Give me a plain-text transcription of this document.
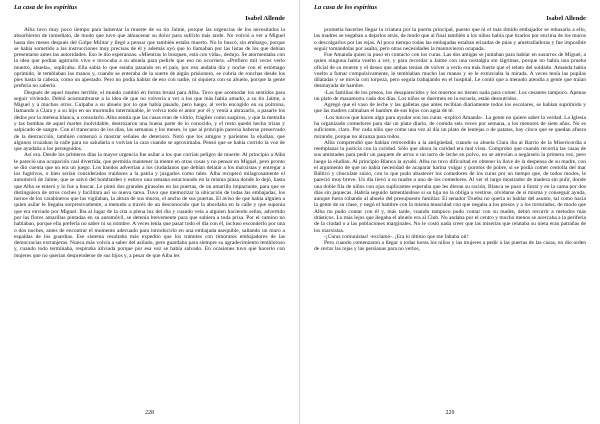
La casa de los espíritus
Isabel Allende

Alba tuvo muy poco tiempo para lamentar la muerte de su tío Jaime, porque las urgencias de los necesitados la absorbieron de inmediato, de modo que tuvo que almacenar su dolor para sufrirlo más tarde. No volvió a ver a Miguel hasta dos meses después del Golpe Militar y llegó a pensar que también estaba muerto. No lo buscó, sin embargo, porque se había sometido a las instrucciones muy precisas de él y además oyó que lo llamaban por las listas de los que debían presentarse antes las autoridades. Eso le dio esperanzas. «Mientras lo busquen, está con vida», dedujo. Se atormentaba con la idea que podían agarrarlo vivo e invocaba a su abuela para pedirle que eso no ocurriera. «Prefiero mil veces verlo muerto, abuela», suplicaba. Ella sabía lo que estaba pasando en el país, por eso andaba día y noche con el estómago oprimido, le temblaban las manos y, cuando se enteraba de la suerte de algún prisionero, se cubría de ronchas desde los pies hasta la cabeza, como un apestado. Pero no podía hablar de eso con nadie, ni siquiera con su abuelo, porque la gente prefería no saberlo.

Después de aquel martes terrible, el mundo cambió en forma brutal para Alba. Tuvo que acomodar los sentidos para seguir viviendo. Debió acostumbrarse a la idea de que no volvería a ver a los que más había amado, a su tío Jaime, a Miguel y a muchos otros. Culpaba a su abuelo por lo que había pasado, pero luego, al verlo encogido en su poltrona, llamando a Clara y a su hijo en un murmullo interminable, le volvía todo el amor por él y venía a abrazarlo, a pasarle los dedos por la melena blanca, a consolarlo. Alba sentía que las casas eran de vidrio, frágiles como suspiros, y que la metralla y las bombas de aquel martes inolvidable, destrozaron una buena parte de lo conocido, y el resto quedó hecho trizas y salpicado de sangre. Con el transcurso de los días, las semanas y los meses, lo que al principio parecía haberse preservado de la destrucción, también comenzó a mostrar señales de deterioro. Notó que los amigos y parientes la eludían, que algunos cruzaban la calle para no saludarla o volvían la cara cuando se aproximaba. Pensó que se había corrido la voz de que ayudaba a los perseguidos.

Así era. Desde los primeros días la mayor urgencia fue asilar a los que corrían peligro de muerte. Al principio a Alba le pareció una ocupación casi divertida, que permitía mantener la mente en otras cosas y no pensar en Miguel, pero pronto se dio cuenta que no era un juego. Los bandos advertían a los ciudadanos que debían delatar a los marxistas y entregar a los fugitivos, o bien serían considerados traidores a la patria y juzgados como tales. Alba recuperó milagrosamente el automóvil de Jaime, que se salvó del bombardeo y estuvo una semana estacionado en la misma plaza donde lo dejó, hasta que Alba se enteró y lo fue a buscar. Le pintó dos grandes girasoles en las puertas, de un amarillo impactante, para que se distinguiera de otros coches y facilitara así su nueva tarea. Tuvo que memorizar la ubicación de todas las embajadas, los turnos de los carabineros que las vigilaban, la altura de sus muros, el ancho de sus puertas. El aviso de que había alguien a quien asilar le llegaba sorpresivamente, a menudo a través de un desconocido que la abordaba en la calle y que suponía que era enviado por Miguel. Iba al lugar de la cita a plena luz del día y cuando veía a alguien haciendo señas, advertido por las flores amarillas pintadas en su automóvil, se detenía brevemente para que subiera a toda prisa. Por el camino no hablaban, porque ella prefería no saber ni su nombre. A veces tenía que pasar todo el día con él, incluso esconderlo por una o dos noches, antes de encontrar el momento adecuado para introducirlo en una embajada asequible, saltando un muro a espaldas de los guardias. Ese sistema resultaba más expedito que los trámites con timoratos embajadores de las democracias extranjeras. Nunca más volvía a saber del asilado, pero guardaba para siempre su agradecimiento tembloroso y, cuando todo terminaba, respiraba aliviada porque por esa vez se había salvado. En ocasiones tuvo que hacerlo con mujeres que no querían desprenderse de sus hijos y, a pesar de que Alba les

228
La casa de los espíritus
Isabel Allende

prometía hacerles llegar la criatura por la puerta principal, puesto que ni el más tímido embajador se rehusaría a ello, las madres se negaban a dejarlos atrás, de modo que al final también a los niños había que tirarlos por encima de los muros o descolgarlos por las rejas. Al poco tiempo todas las embajadas estaban erizadas de púas y ametralladoras y fue imposible seguir tomándolas por asalto, pero otras necesidades la mantuvieron ocupada.

Fue Amanda quien la puso en contacto con los curas. Las dos amigas se juntaban para hablar en susurros de Miguel, a quien ninguna había vuelto a ver, y para recordar a Jaime con una nostalgia sin lágrimas, porque no había una prueba oficial de su muerte y el deseo que ambas tenían de volver a verlo era más fuerte que el relato del soldado. Amanda había vuelto a fumar compulsivamente, le temblaban mucho las manos y se le extraviaba la mirada. A veces tenía las pupilas dilatadas y se movía con torpeza, pero seguía trabajando en el hospital. Le contó que a menudo atendía a gente que traían desmayada de hambre.

-Las familias de los presos, los desaparecidos y los muertos no tienen nada para comer. Los cesantes tampoco. Apenas un plato de mazamorra cada dos días. Los niños se duermen en la escuela, están desnutridos.

Agregó que el vaso de leche y las galletas que antes recibían diariamente todos los escolares, se habían suprimido y que las madres calmaban el hambre de sus hijos con agua de té.

-Los únicos que hacen algo para ayudar son los curas -explicó Amanda-. La gente no quiere saber la verdad. La Iglesia ha organizado comedores para dar un plato diario, de comida seis veces por semana, a los menores de siete años. No es suficiente, claro. Por cada niño que come una vez al día un plato de lentejas o de patatas, hay cinco que se quedan afuera mirando, porque no alcanza para todos.

Alba comprendió que habían retrocedido a la antigüedad, cuando su abuela Clara iba al Barrio de la Misericordia a reemplazar la justicia con la caridad. Sólo que ahora la caridad era mal vista. Comprobó que cuando recorría las casas de sus amistades para pedir un paquete de arroz o un tarro de leche en polvo, no se atrevían a negárselo la primera vez, pero luego la eludían. Al principio Blanca la ayudó. Alba no tuvo dificultad en obtener la llave de la despensa de su madre, con el argumento de que no había necesidad de acaparar harina vulgar y porotos de pobre, si se podía comer centolla del mar Báltico y chocolate suizo, con lo que pudo abastecer los comedores de los curas por un tiempo que, de todos modos, le pareció muy breve. Un día llevó a su madre a uno de los comedores. Al ver el largo mostrador de madera sin pulir, donde una doble fila de niños con ojos suplicantes esperaba que les dieran su ración, Blanca se puso a llorar y en la cama por dos días sin jaquecas. Habría seguido lamentándose si su hija no la obliga a vestirse, olvidarse de sí misma y conseguir ayuda, aunque fuera robando al abuelo del presupuesto familiar. El senador Trueba no quería ni hablar del asunto, tal como hacía la gente de su clase, y negó el hambre con la misma tenacidad con que negaba a los presos y a los torturados, de modo que Alba no pudo contar con él y, más tarde, cuando tampoco pudo contar con su madre, debió recurrir a métodos más drásticos. Lo más lejos que llegaba el abuelo era al Club. No andaba por el centro y mucho menos se acercaba a la periferia de la ciudad o a las poblaciones marginales. No le costó nada creer que las miserias que relataba su nieta eran patrañas de los marxistas.

-¡Curas comunistas! -exclamó-. ¡Era lo último que me faltaba oír!

Pero cuando comenzaron a llegar a todas horas los niños y las mujeres a pedir a las puertas de las casas, no dio orden de cerrar las rejas y las persianas para no verlos,

229
